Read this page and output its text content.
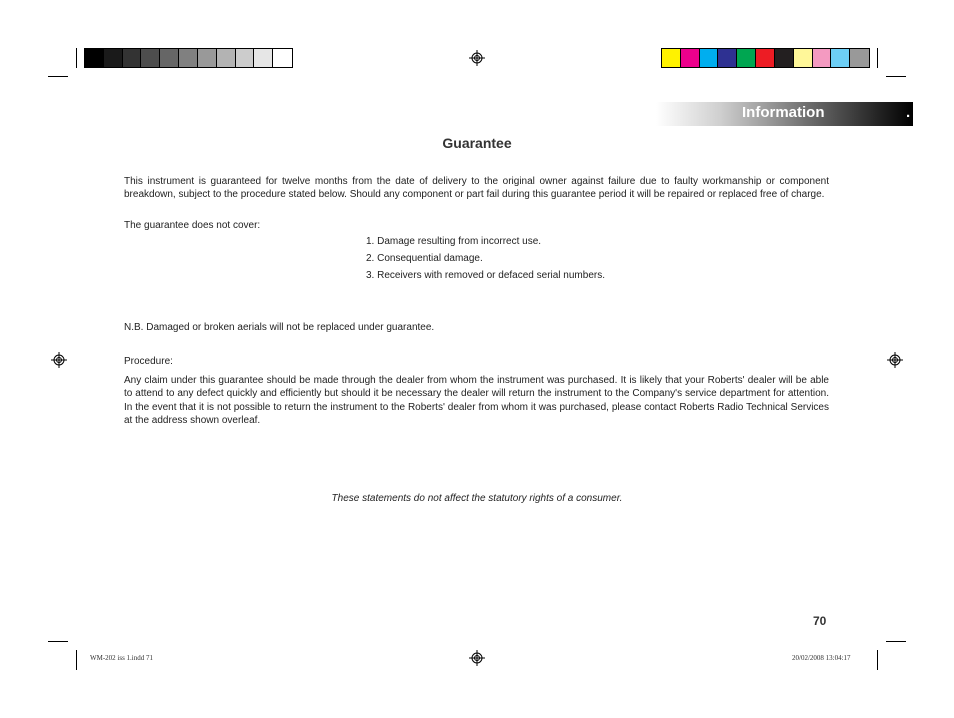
Information	.
Guarantee
This instrument is guaranteed for twelve months from the date of delivery to the original owner against failure due to faulty workmanship or component breakdown, subject to the procedure stated below. Should any component or part fail during this guarantee period it will be repaired or replaced free of charge.
The guarantee does not cover:
1. Damage resulting from incorrect use.
2. Consequential damage.
3. Receivers with removed or defaced serial numbers.
N.B. Damaged or broken aerials will not be replaced under guarantee.
Procedure:
Any claim under this guarantee should be made through the dealer from whom the instrument was purchased. It is likely that your Roberts' dealer will be able to attend to any defect quickly and efficiently but should it be necessary the dealer will return the instrument to the Company's service department for attention. In the event that it is not possible to return the instrument to the Roberts' dealer from whom it was purchased, please contact Roberts Radio Technical Services at the address shown overleaf.
These statements do not affect the statutory rights of a consumer.
70
WM-202 iss 1.indd 71	20/02/2008 13:04:17
